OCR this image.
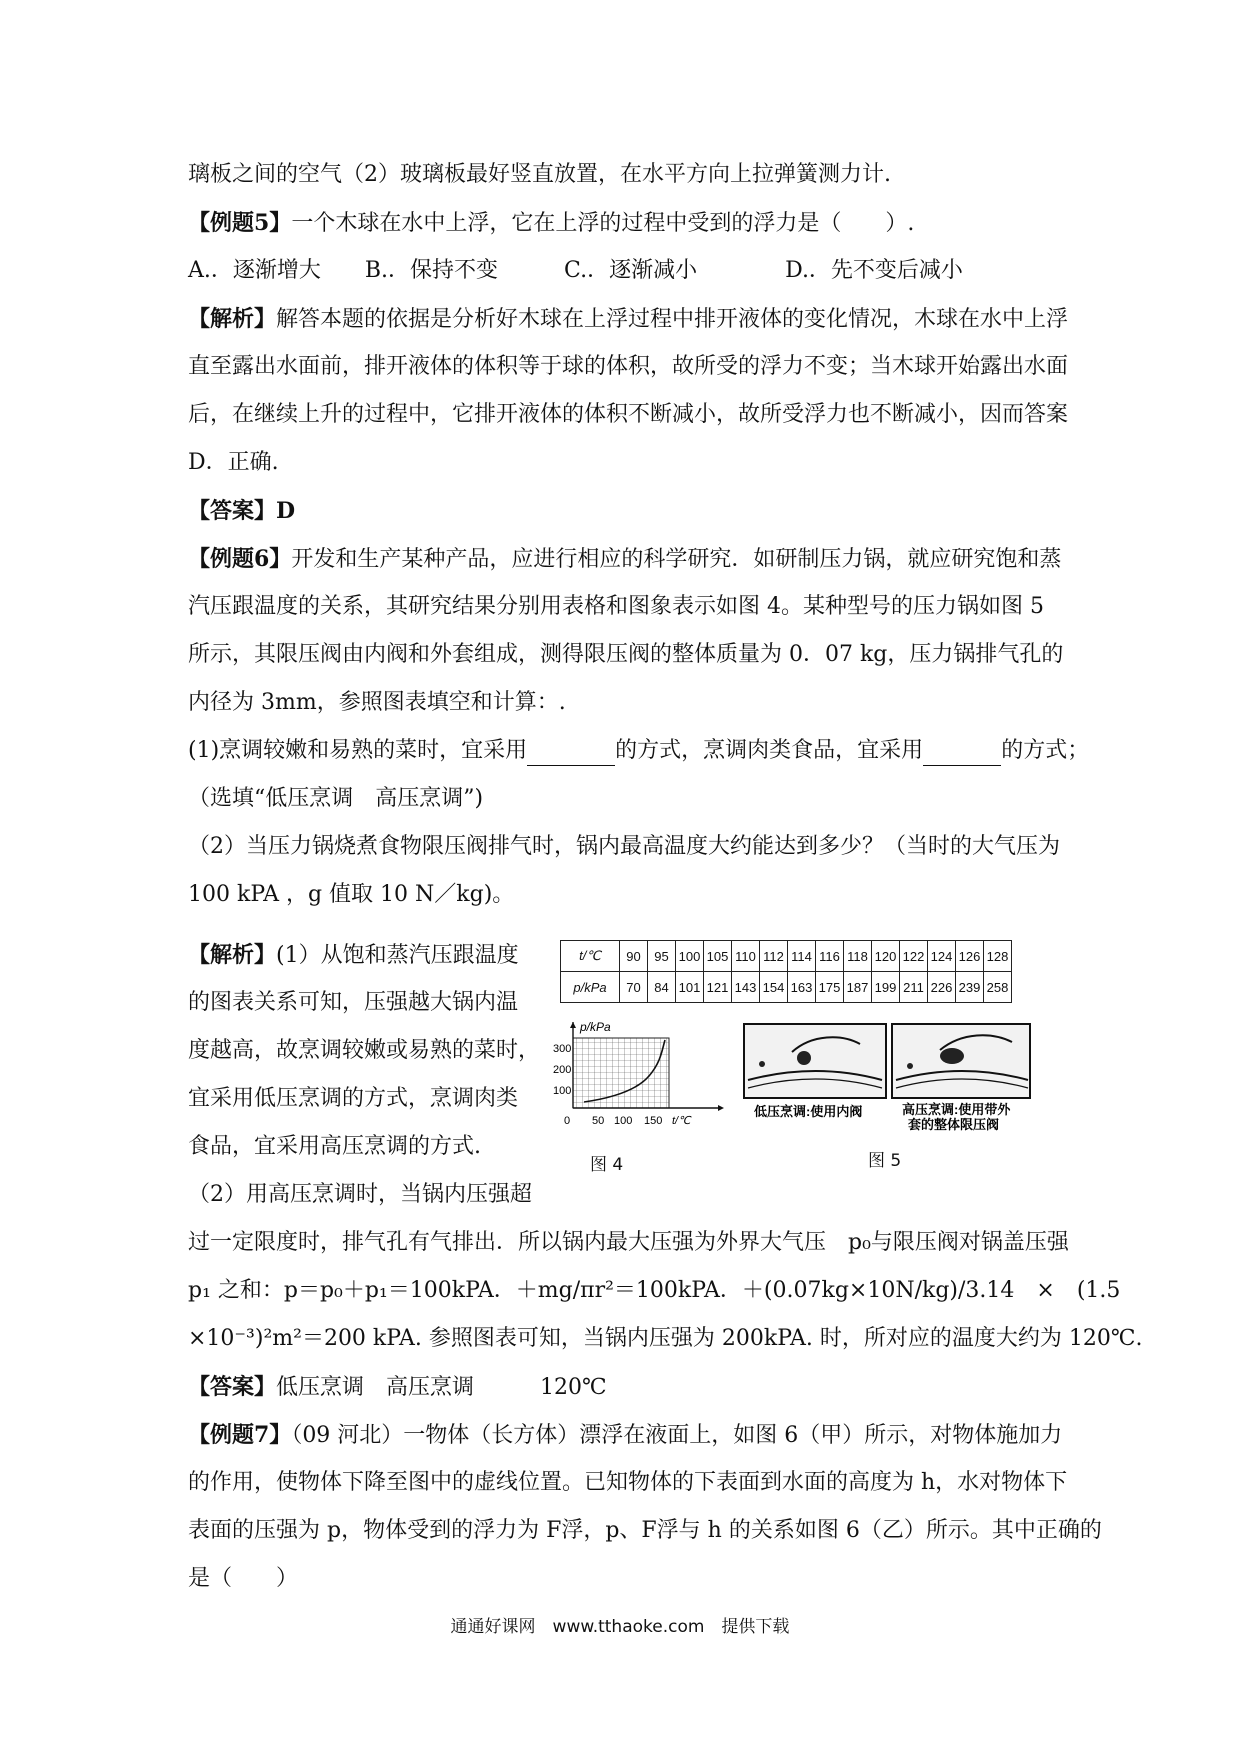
璃板之间的空气（2）玻璃板最好竖直放置，在水平方向上拉弹簧测力计.
【例题5】一个木球在水中上浮，它在上浮的过程中受到的浮力是（　　）.
A.．逐渐增大　　B.．保持不变　　　C.．逐渐减小　　　　D.．先不变后减小
【解析】解答本题的依据是分析好木球在上浮过程中排开液体的变化情况，木球在水中上浮
直至露出水面前，排开液体的体积等于球的体积，故所受的浮力不变；当木球开始露出水面
后，在继续上升的过程中，它排开液体的体积不断减小，故所受浮力也不断减小，因而答案
D．正确.
【答案】D
【例题6】开发和生产某种产品，应进行相应的科学研究．如研制压力锅，就应研究饱和蒸
汽压跟温度的关系，其研究结果分别用表格和图象表示如图 4。某种型号的压力锅如图 5
所示，其限压阀由内阀和外套组成，测得限压阀的整体质量为 0．07 kg，压力锅排气孔的
内径为 3mm，参照图表填空和计算：.
(1)烹调较嫩和易熟的菜时，宜采用	的方式，烹调肉类食品，宜采用	的方式；
（选填“低压烹调　高压烹调”)
（2）当压力锅烧煮食物限压阀排气时，锅内最高温度大约能达到多少？（当时的大气压为
100 kPA ，g 值取 10 N／kg)。
【解析】(1）从饱和蒸汽压跟温度
的图表关系可知，压强越大锅内温
度越高，故烹调较嫩或易熟的菜时，
宜采用低压烹调的方式，烹调肉类
食品，宜采用高压烹调的方式.
（2）用高压烹调时，当锅内压强超
t/℃	90	95	100	105	110	112	114	116	118	120	122	124	126	128
p/kPa	70	84	101	121	143	154	163	175	187	199	211	226	239	258
p/kPa
300
200
100
0 50 100 150 t/℃
图 4
低压烹调:使用内阀	高压烹调:使用带外
套的整体限压阀
图 5
过一定限度时，排气孔有气排出．所以锅内最大压强为外界大气压　p₀与限压阀对锅盖压强
p₁ 之和：p＝p₀＋p₁＝100kPA．＋mg/πr²＝100kPA．＋(0.07kg×10N/kg)/3.14　×　(1.5
×10⁻³)²m²＝200 kPA. 参照图表可知，当锅内压强为 200kPA. 时，所对应的温度大约为 120℃.
【答案】低压烹调　高压烹调　　　120℃
【例题7】（09 河北）一物体（长方体）漂浮在液面上，如图 6（甲）所示，对物体施加力
的作用，使物体下降至图中的虚线位置。已知物体的下表面到水面的高度为 h，水对物体下
表面的压强为 p，物体受到的浮力为 F浮，p、F浮与 h 的关系如图 6（乙）所示。其中正确的
是（　　）
通通好课网　www.tthaoke.com　提供下载
